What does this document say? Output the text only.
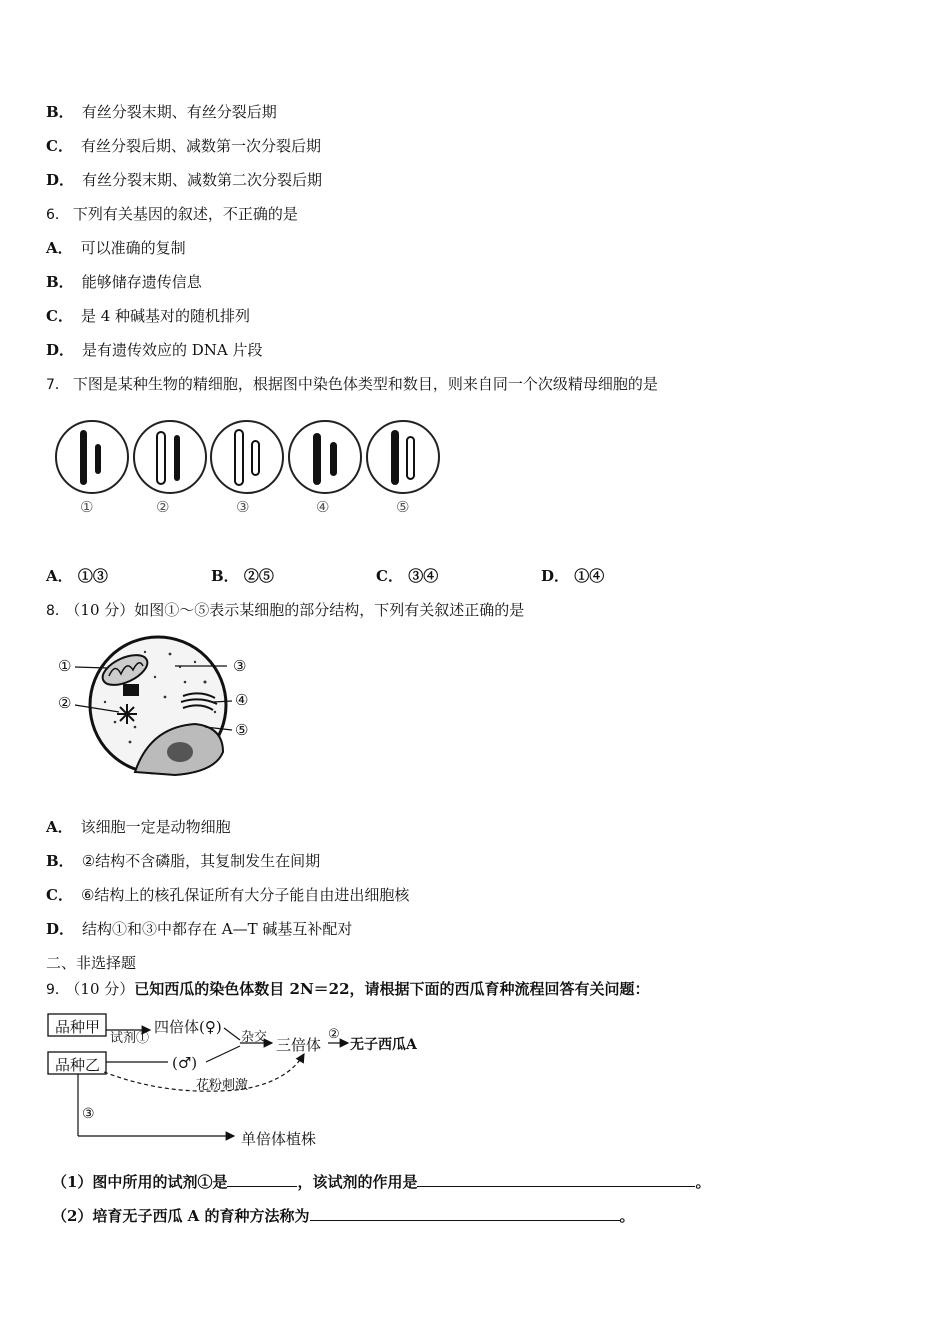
B． 有丝分裂末期、有丝分裂后期
C． 有丝分裂后期、减数第一次分裂后期
D． 有丝分裂末期、减数第二次分裂后期
6． 下列有关基因的叙述，不正确的是
A． 可以准确的复制
B． 能够储存遗传信息
C． 是 4 种碱基对的随机排列
D． 是有遗传效应的 DNA 片段
7． 下图是某种生物的精细胞，根据图中染色体类型和数目，则来自同一个次级精母细胞的是
①	②	③	④	⑤
A． ①③	B． ②⑤	C． ③④	D． ①④
8． （10 分）如图①～⑤表示某细胞的部分结构，下列有关叙述正确的是
①
②
③
④
⑤
A． 该细胞一定是动物细胞
B． ②结构不含磷脂，其复制发生在间期
C． ⑥结构上的核孔保证所有大分子能自由进出细胞核
D． 结构①和③中都存在 A—T 碱基互补配对
二、非选择题
9． （10 分）已知西瓜的染色体数目 2N＝22，请根据下面的西瓜育种流程回答有关问题：
品种甲
品种乙
试剂①
四倍体(♀)
(♂)
杂交 三倍体
②
无子西瓜A
花粉刺激
③
单倍体植株
（1）图中所用的试剂①是	，该试剂的作用是	。
（2）培育无子西瓜 A 的育种方法称为	。
